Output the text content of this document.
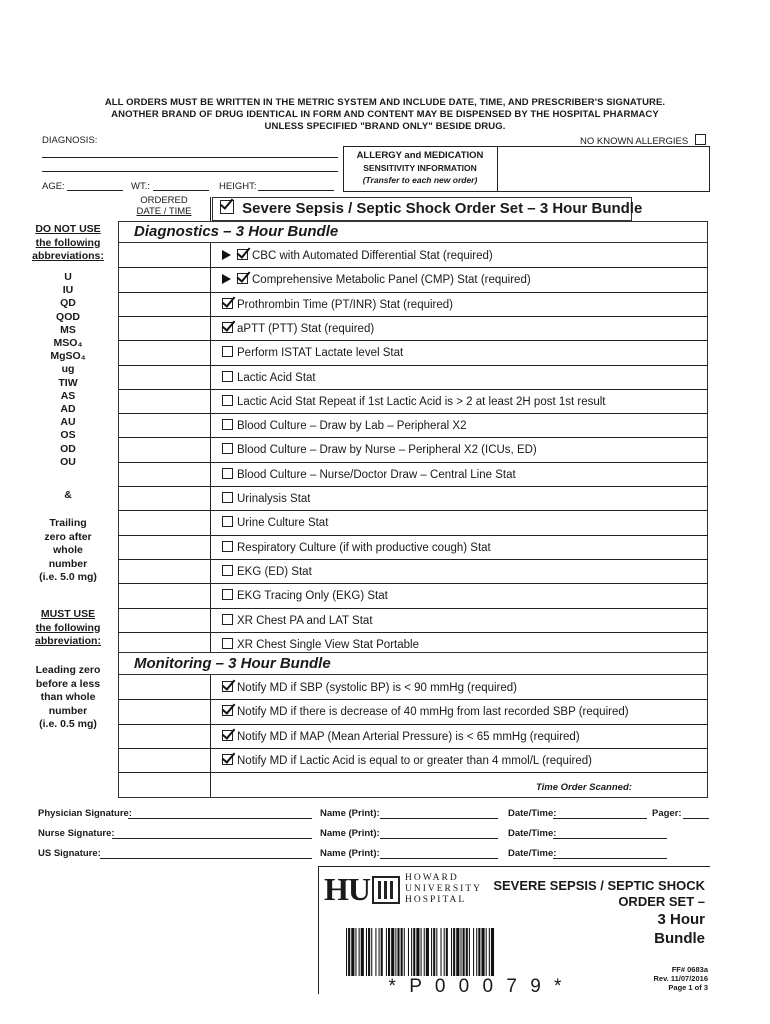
ALL ORDERS MUST BE WRITTEN IN THE METRIC SYSTEM AND INCLUDE DATE, TIME, AND PRESCRIBER'S SIGNATURE.
ANOTHER BRAND OF DRUG IDENTICAL IN FORM AND CONTENT MAY BE DISPENSED BY THE HOSPITAL PHARMACY
UNLESS SPECIFIED "BRAND ONLY" BESIDE DRUG.
DIAGNOSIS:	NO KNOWN ALLERGIES
ALLERGY and MEDICATION
SENSITIVITY INFORMATION
(Transfer to each new order)
AGE:	WT.:	HEIGHT:
ORDERED
DATE / TIME	Severe Sepsis / Septic Shock Order Set – 3 Hour Bundle
Diagnostics – 3 Hour Bundle
CBC with Automated Differential Stat (required)
Comprehensive Metabolic Panel (CMP) Stat (required)
Prothrombin Time (PT/INR) Stat (required)
aPTT (PTT) Stat (required)
Perform ISTAT Lactate level Stat
Lactic Acid Stat
Lactic Acid Stat Repeat if 1st Lactic Acid is > 2 at least 2H post 1st result
Blood Culture – Draw by Lab – Peripheral X2
Blood Culture – Draw by Nurse – Peripheral X2 (ICUs, ED)
Blood Culture – Nurse/Doctor Draw – Central Line Stat
Urinalysis Stat
Urine Culture Stat
Respiratory Culture (if with productive cough) Stat
EKG (ED) Stat
EKG Tracing Only (EKG) Stat
XR Chest PA and LAT Stat
XR Chest Single View Stat Portable
Monitoring – 3 Hour Bundle
Notify MD if SBP (systolic BP) is < 90 mmHg (required)
Notify MD if there is decrease of 40 mmHg from last recorded SBP (required)
Notify MD if MAP (Mean Arterial Pressure) is < 65 mmHg (required)
Notify MD if Lactic Acid is equal to or greater than 4 mmol/L (required)
Time Order Scanned:
DO NOT USE
the following
abbreviations:
U
IU
QD
QOD
MS
MSO₄
MgSO₄
ug
TIW
AS
AD
AU
OS
OD
OU
&
Trailing
zero after
whole
number
(i.e. 5.0 mg)
MUST USE
the following
abbreviation:
Leading zero
before a less
than whole
number
(i.e. 0.5 mg)
Physician Signature:	Name (Print):	Date/Time:	Pager:
Nurse Signature:	Name (Print):	Date/Time:
US Signature:	Name (Print):	Date/Time:
HU	HOWARD
UNIVERSITY
HOSPITAL
SEVERE SEPSIS / SEPTIC SHOCK
ORDER SET –
3 Hour
Bundle
* P 0 0 0 7 9 *
FF# 0683a
Rev. 11/07/2016
Page 1 of 3
